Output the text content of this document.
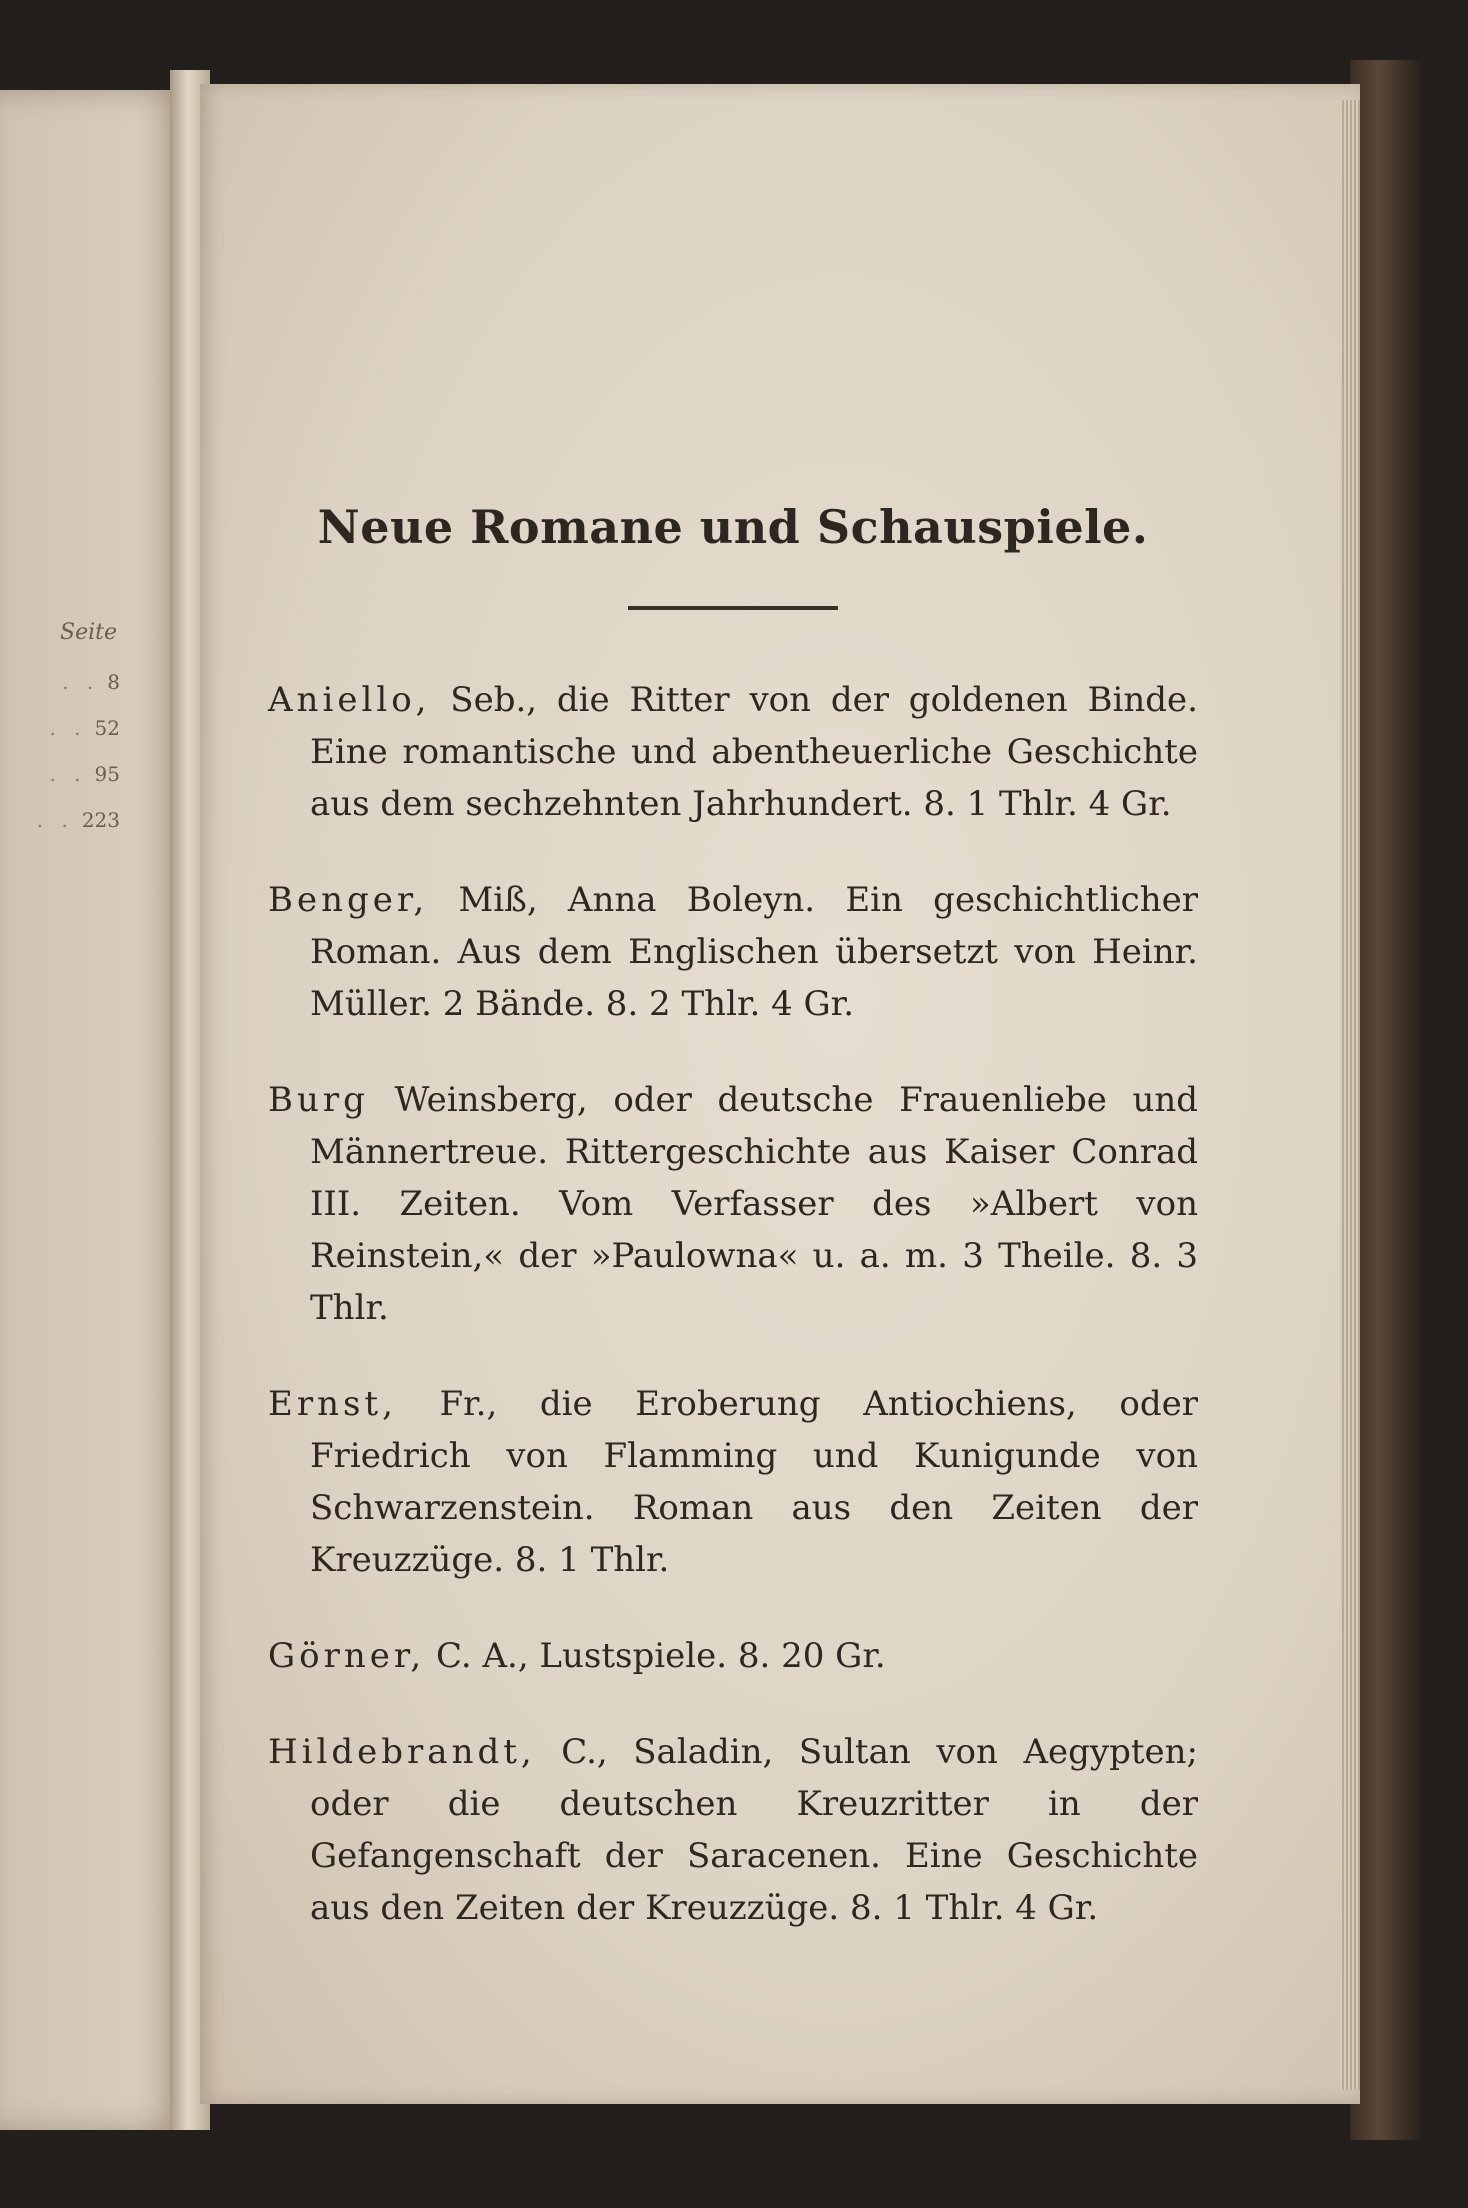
Seite
. . 8
. . 52
. . 95
. . 223
Neue Romane und Schauspiele.

Aniello, Seb., die Ritter von der goldenen Binde. Eine romantische und abentheuerliche Geschichte aus dem sechzehnten Jahrhundert. 8. 1 Thlr. 4 Gr.

Benger, Miß, Anna Boleyn. Ein geschichtlicher Roman. Aus dem Englischen übersetzt von Heinr. Müller. 2 Bände. 8. 2 Thlr. 4 Gr.

Burg Weinsberg, oder deutsche Frauenliebe und Männertreue. Rittergeschichte aus Kaiser Conrad III. Zeiten. Vom Verfasser des »Albert von Reinstein,« der »Paulowna« u. a. m. 3 Theile. 8. 3 Thlr.

Ernst, Fr., die Eroberung Antiochiens, oder Friedrich von Flamming und Kunigunde von Schwarzenstein. Roman aus den Zeiten der Kreuzzüge. 8. 1 Thlr.

Görner, C. A., Lustspiele. 8. 20 Gr.

Hildebrandt, C., Saladin, Sultan von Aegypten; oder die deutschen Kreuzritter in der Gefangenschaft der Saracenen. Eine Geschichte aus den Zeiten der Kreuzzüge. 8. 1 Thlr. 4 Gr.
